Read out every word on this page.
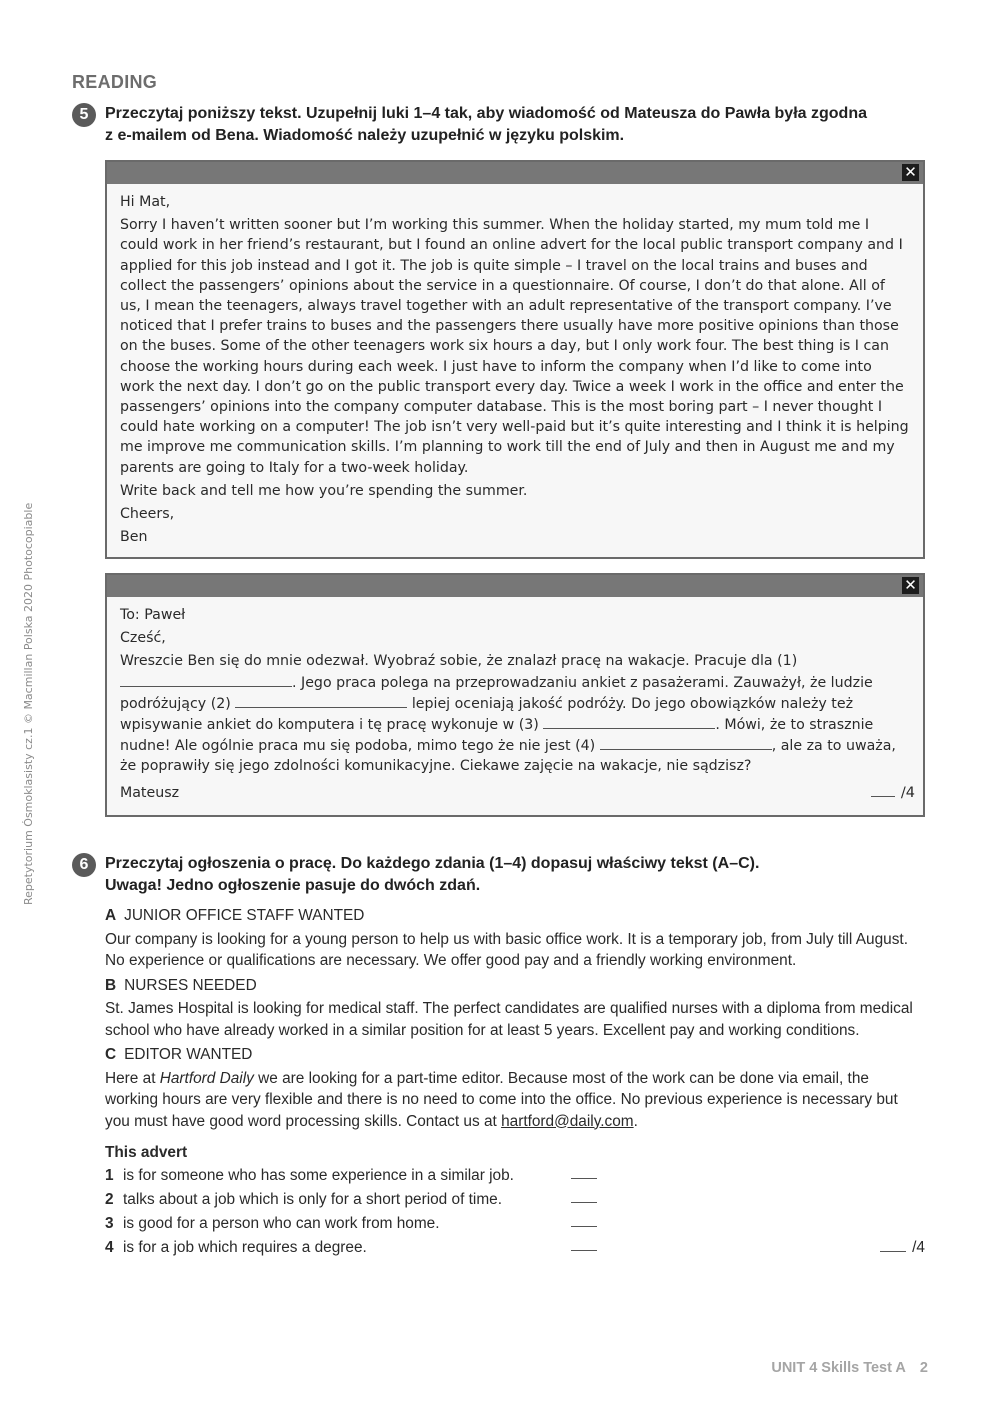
Repetytorium Ósmoklasisty cz.1 © Macmillan Polska 2020 Photocopiable
READING
5	Przeczytaj poniższy tekst. Uzupełnij luki 1–4 tak, aby wiadomość od Mateusza do Pawła była zgodna
z e-mailem od Bena. Wiadomość należy uzupełnić w języku polskim.
✕

Hi Mat,

Sorry I haven’t written sooner but I’m working this summer. When the holiday started, my mum told me I could work in her friend’s restaurant, but I found an online advert for the local public transport company and I applied for this job instead and I got it. The job is quite simple – I travel on the local trains and buses and collect the passengers’ opinions about the service in a questionnaire. Of course, I don’t do that alone. All of us, I mean the teenagers, always travel together with an adult representative of the transport company. I’ve noticed that I prefer trains to buses and the passengers there usually have more positive opinions than those on the buses. Some of the other teenagers work six hours a day, but I only work four. The best thing is I can choose the working hours during each week. I just have to inform the company when I’d like to come into work the next day. I don’t go on the public transport every day. Twice a week I work in the office and enter the passengers’ opinions into the company computer database. This is the most boring part – I never thought I could hate working on a computer! The job isn’t very well-paid but it’s quite interesting and I think it is helping me improve me communication skills. I’m planning to work till the end of July and then in August me and my parents are going to Italy for a two-week holiday.

Write back and tell me how you’re spending the summer.

Cheers,

Ben

✕

To: Paweł

Cześć,

Wreszcie Ben się do mnie odezwał. Wyobraź sobie, że znalazł pracę na wakacje. Pracuje dla (1) . Jego praca polega na przeprowadzaniu ankiet z pasażerami. Zauważył, że ludzie podróżujący (2)	lepiej oceniają jakość podróży. Do jego obowiązków należy też wpisywanie ankiet do komputera i tę pracę wykonuje w (3)	. Mówi, że to strasznie nudne! Ale ogólnie praca mu się podoba, mimo tego że nie jest (4)	, ale za to uważa, że poprawiły się jego zdolności komunikacyjne. Ciekawe zajęcie na wakacje, nie sądzisz?

Mateusz	/4
6	Przeczytaj ogłoszenia o pracę. Do każdego zdania (1–4) dopasuj właściwy tekst (A–C).
Uwaga! Jedno ogłoszenie pasuje do dwóch zdań.
A JUNIOR OFFICE STAFF WANTED

Our company is looking for a young person to help us with basic office work. It is a temporary job, from July till August. No experience or qualifications are necessary. We offer good pay and a friendly working environment.

B NURSES NEEDED

St. James Hospital is looking for medical staff. The perfect candidates are qualified nurses with a diploma from medical school who have already worked in a similar position for at least 5 years. Excellent pay and working conditions.

C EDITOR WANTED

Here at Hartford Daily we are looking for a part-time editor. Because most of the work can be done via email, the working hours are very flexible and there is no need to come into the office. No previous experience is necessary but you must have good word processing skills. Contact us at hartford@daily.com.

This advert
1 is for someone who has some experience in a similar job.
2 talks about a job which is only for a short period of time.
3 is good for a person who can work from home.
4 is for a job which requires a degree.	/4
UNIT 4 Skills Test A 2
